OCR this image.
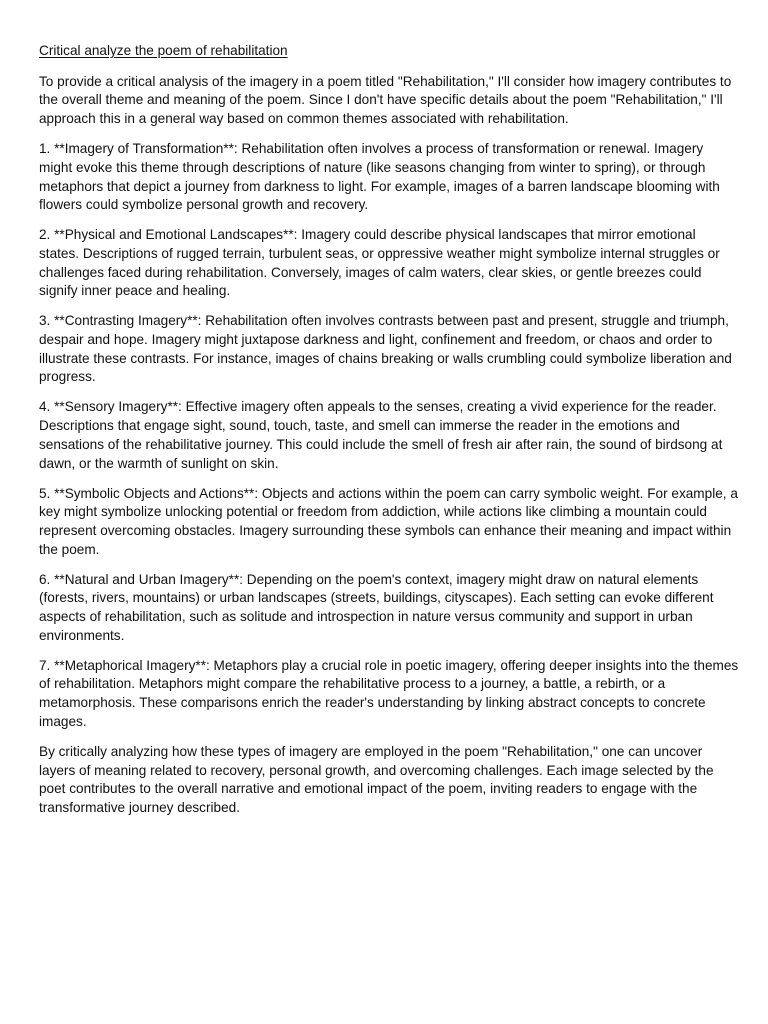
Critical analyze the poem of rehabilitation

To provide a critical analysis of the imagery in a poem titled "Rehabilitation," I'll consider how imagery contributes to the overall theme and meaning of the poem. Since I don't have specific details about the poem "Rehabilitation," I'll approach this in a general way based on common themes associated with rehabilitation.

1. **Imagery of Transformation**: Rehabilitation often involves a process of transformation or renewal. Imagery might evoke this theme through descriptions of nature (like seasons changing from winter to spring), or through metaphors that depict a journey from darkness to light. For example, images of a barren landscape blooming with flowers could symbolize personal growth and recovery.

2. **Physical and Emotional Landscapes**: Imagery could describe physical landscapes that mirror emotional states. Descriptions of rugged terrain, turbulent seas, or oppressive weather might symbolize internal struggles or challenges faced during rehabilitation. Conversely, images of calm waters, clear skies, or gentle breezes could signify inner peace and healing.

3. **Contrasting Imagery**: Rehabilitation often involves contrasts between past and present, struggle and triumph, despair and hope. Imagery might juxtapose darkness and light, confinement and freedom, or chaos and order to illustrate these contrasts. For instance, images of chains breaking or walls crumbling could symbolize liberation and progress.

4. **Sensory Imagery**: Effective imagery often appeals to the senses, creating a vivid experience for the reader. Descriptions that engage sight, sound, touch, taste, and smell can immerse the reader in the emotions and sensations of the rehabilitative journey. This could include the smell of fresh air after rain, the sound of birdsong at dawn, or the warmth of sunlight on skin.

5. **Symbolic Objects and Actions**: Objects and actions within the poem can carry symbolic weight. For example, a key might symbolize unlocking potential or freedom from addiction, while actions like climbing a mountain could represent overcoming obstacles. Imagery surrounding these symbols can enhance their meaning and impact within the poem.

6. **Natural and Urban Imagery**: Depending on the poem's context, imagery might draw on natural elements (forests, rivers, mountains) or urban landscapes (streets, buildings, cityscapes). Each setting can evoke different aspects of rehabilitation, such as solitude and introspection in nature versus community and support in urban environments.

7. **Metaphorical Imagery**: Metaphors play a crucial role in poetic imagery, offering deeper insights into the themes of rehabilitation. Metaphors might compare the rehabilitative process to a journey, a battle, a rebirth, or a metamorphosis. These comparisons enrich the reader's understanding by linking abstract concepts to concrete images.

By critically analyzing how these types of imagery are employed in the poem "Rehabilitation," one can uncover layers of meaning related to recovery, personal growth, and overcoming challenges. Each image selected by the poet contributes to the overall narrative and emotional impact of the poem, inviting readers to engage with the transformative journey described.
